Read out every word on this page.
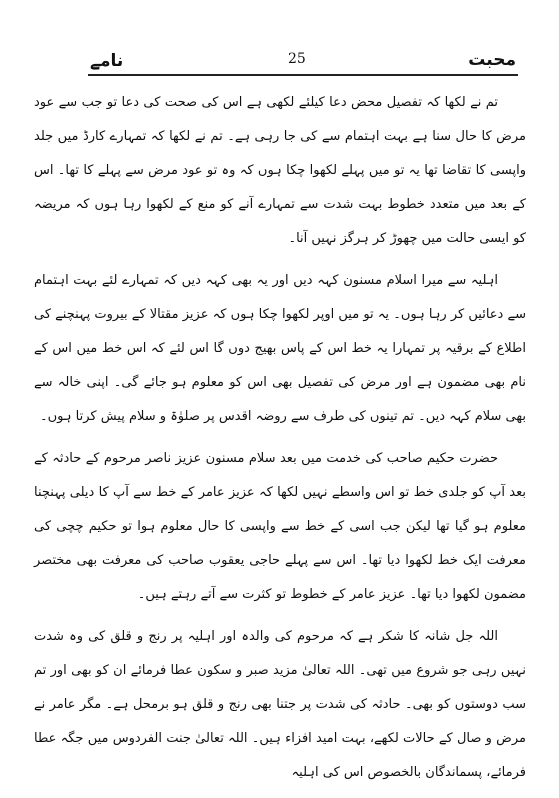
نامے	25	محبت

تم نے لکھا کہ تفصیل محض دعا کیلئے لکھی ہے اس کی صحت کی دعا تو جب سے عود مرض کا حال سنا ہے بہت اہتمام سے کی جا رہی ہے۔ تم نے لکھا کہ تمہارے کارڈ میں جلد واپسی کا تقاضا تھا یہ تو میں پہلے لکھوا چکا ہوں کہ وہ تو عود مرض سے پہلے کا تھا۔ اس کے بعد میں متعدد خطوط بہت شدت سے تمہارے آنے کو منع کے لکھوا رہا ہوں کہ مریضہ کو ایسی حالت میں چھوڑ کر ہرگز نہیں آنا۔

اہلیہ سے میرا اسلام مسنون کہہ دیں اور یہ بھی کہہ دیں کہ تمہارے لئے بہت اہتمام سے دعائیں کر رہا ہوں۔ یہ تو میں اوپر لکھوا چکا ہوں کہ عزیز مقتالا کے بیروت پہنچنے کی اطلاع کے برقیہ پر تمہارا یہ خط اس کے پاس بھیج دوں گا اس لئے کہ اس خط میں اس کے نام بھی مضمون ہے اور مرض کی تفصیل بھی اس کو معلوم ہو جائے گی۔ اپنی خالہ سے بھی سلام کہہ دیں۔ تم تینوں کی طرف سے روضہ اقدس پر صلوٰۃ و سلام پیش کرتا ہوں۔

حضرت حکیم صاحب کی خدمت میں بعد سلام مسنون عزیز ناصر مرحوم کے حادثہ کے بعد آپ کو جلدی خط تو اس واسطے نہیں لکھا کہ عزیز عامر کے خط سے آپ کا دیلی پہنچنا معلوم ہو گیا تھا لیکن جب اسی کے خط سے واپسی کا حال معلوم ہوا تو حکیم چچی کی معرفت ایک خط لکھوا دیا تھا۔ اس سے پہلے حاجی یعقوب صاحب کی معرفت بھی مختصر مضمون لکھوا دیا تھا۔ عزیز عامر کے خطوط تو کثرت سے آتے رہتے ہیں۔

اللہ جل شانہ کا شکر ہے کہ مرحوم کی والدہ اور اہلیہ پر رنج و قلق کی وہ شدت نہیں رہی جو شروع میں تھی۔ اللہ تعالیٰ مزید صبر و سکون عطا فرمائے ان کو بھی اور تم سب دوستوں کو بھی۔ حادثہ کی شدت پر جتنا بھی رنج و قلق ہو برمحل ہے۔ مگر عامر نے مرض و صال کے حالات لکھے، بہت امید افزاء ہیں۔ اللہ تعالیٰ جنت الفردوس میں جگہ عطا فرمائے، پسماندگان بالخصوص اس کی اہلیہ
